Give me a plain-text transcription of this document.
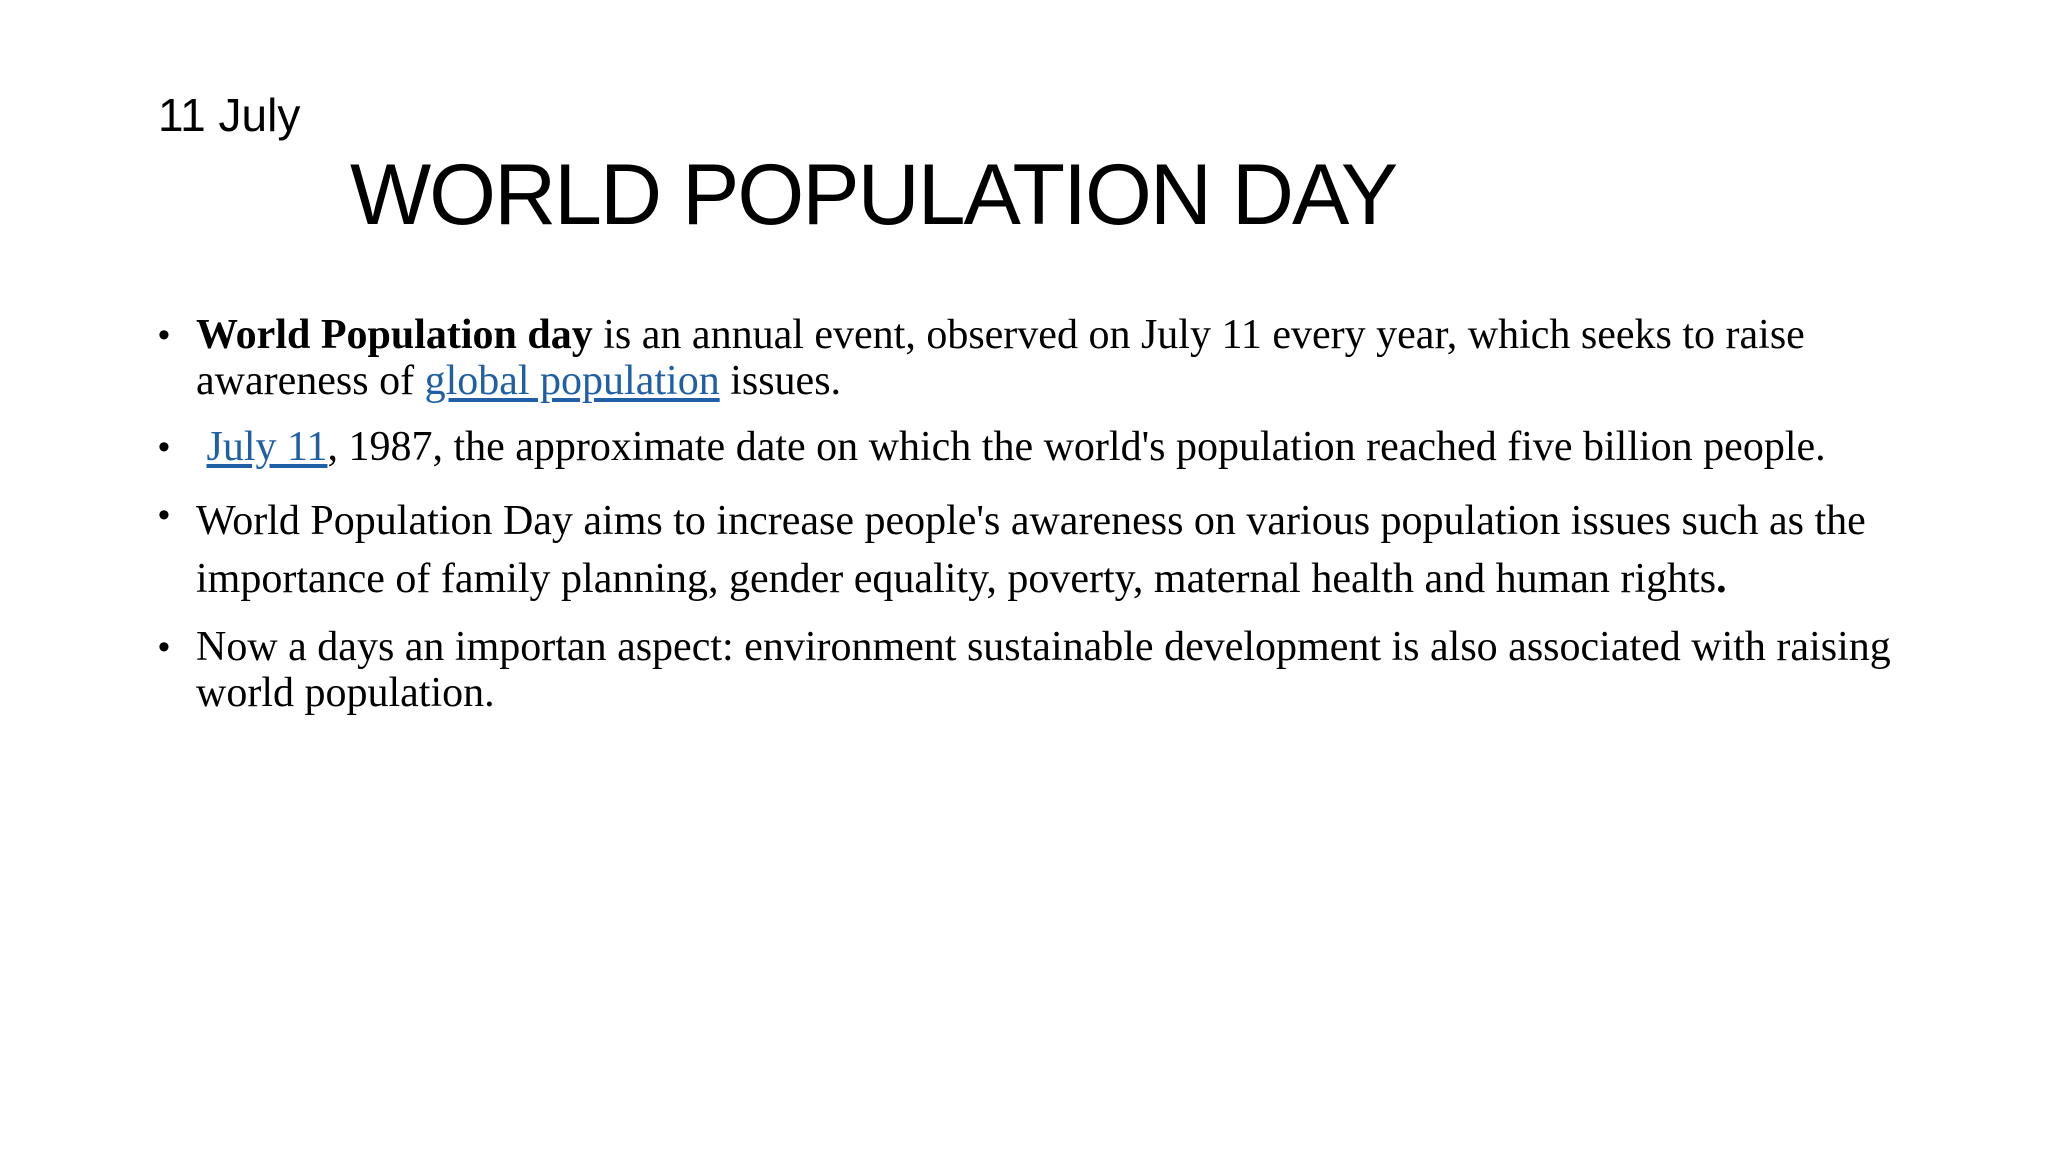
11 July
WORLD POPULATION DAY
• World Population day is an annual event, observed on July 11 every year, which seeks to raise awareness of global population issues.
• July 11, 1987, the approximate date on which the world's population reached five billion people.
• World Population Day aims to increase people's awareness on various population issues such as the importance of family planning, gender equality, poverty, maternal health and human rights.
• Now a days an importan aspect: environment sustainable development is also associated with raising world population.
